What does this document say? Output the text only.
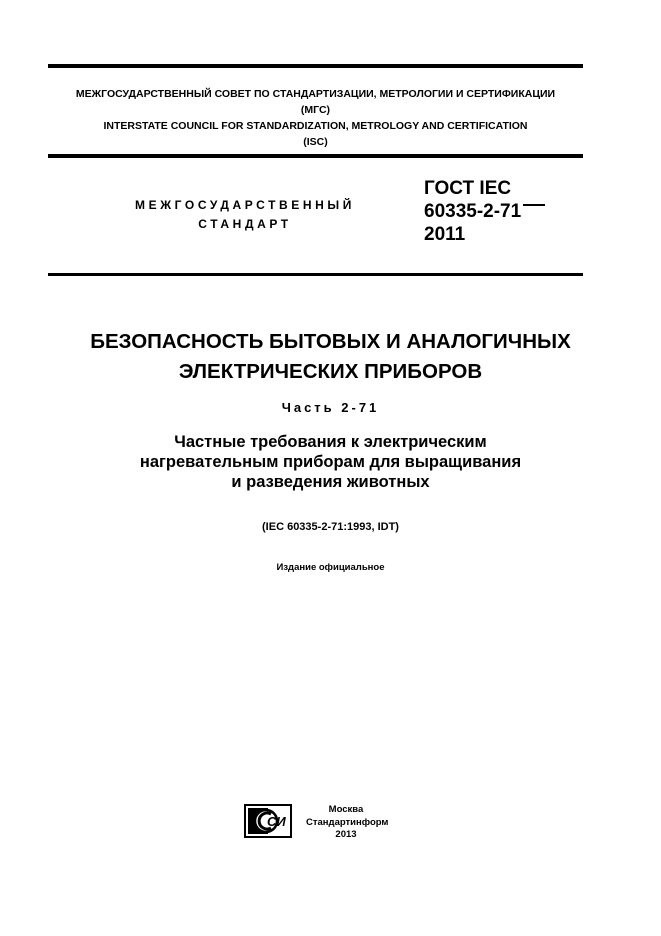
МЕЖГОСУДАРСТВЕННЫЙ СОВЕТ ПО СТАНДАРТИЗАЦИИ, МЕТРОЛОГИИ И СЕРТИФИКАЦИИ
(МГС)
INTERSTATE COUNCIL FOR STANDARDIZATION, METROLOGY AND CERTIFICATION
(ISC)
МЕЖГОСУДАРСТВЕННЫЙ
СТАНДАРТ
ГОСТ IEC
60335-2-71
2011
БЕЗОПАСНОСТЬ БЫТОВЫХ И АНАЛОГИЧНЫХ
ЭЛЕКТРИЧЕСКИХ ПРИБОРОВ
Часть 2-71
Частные требования к электрическим
нагревательным приборам для выращивания
и разведения животных
(IEC 60335-2-71:1993, IDT)
Издание официальное
СИ
Москва
Стандартинформ
2013
